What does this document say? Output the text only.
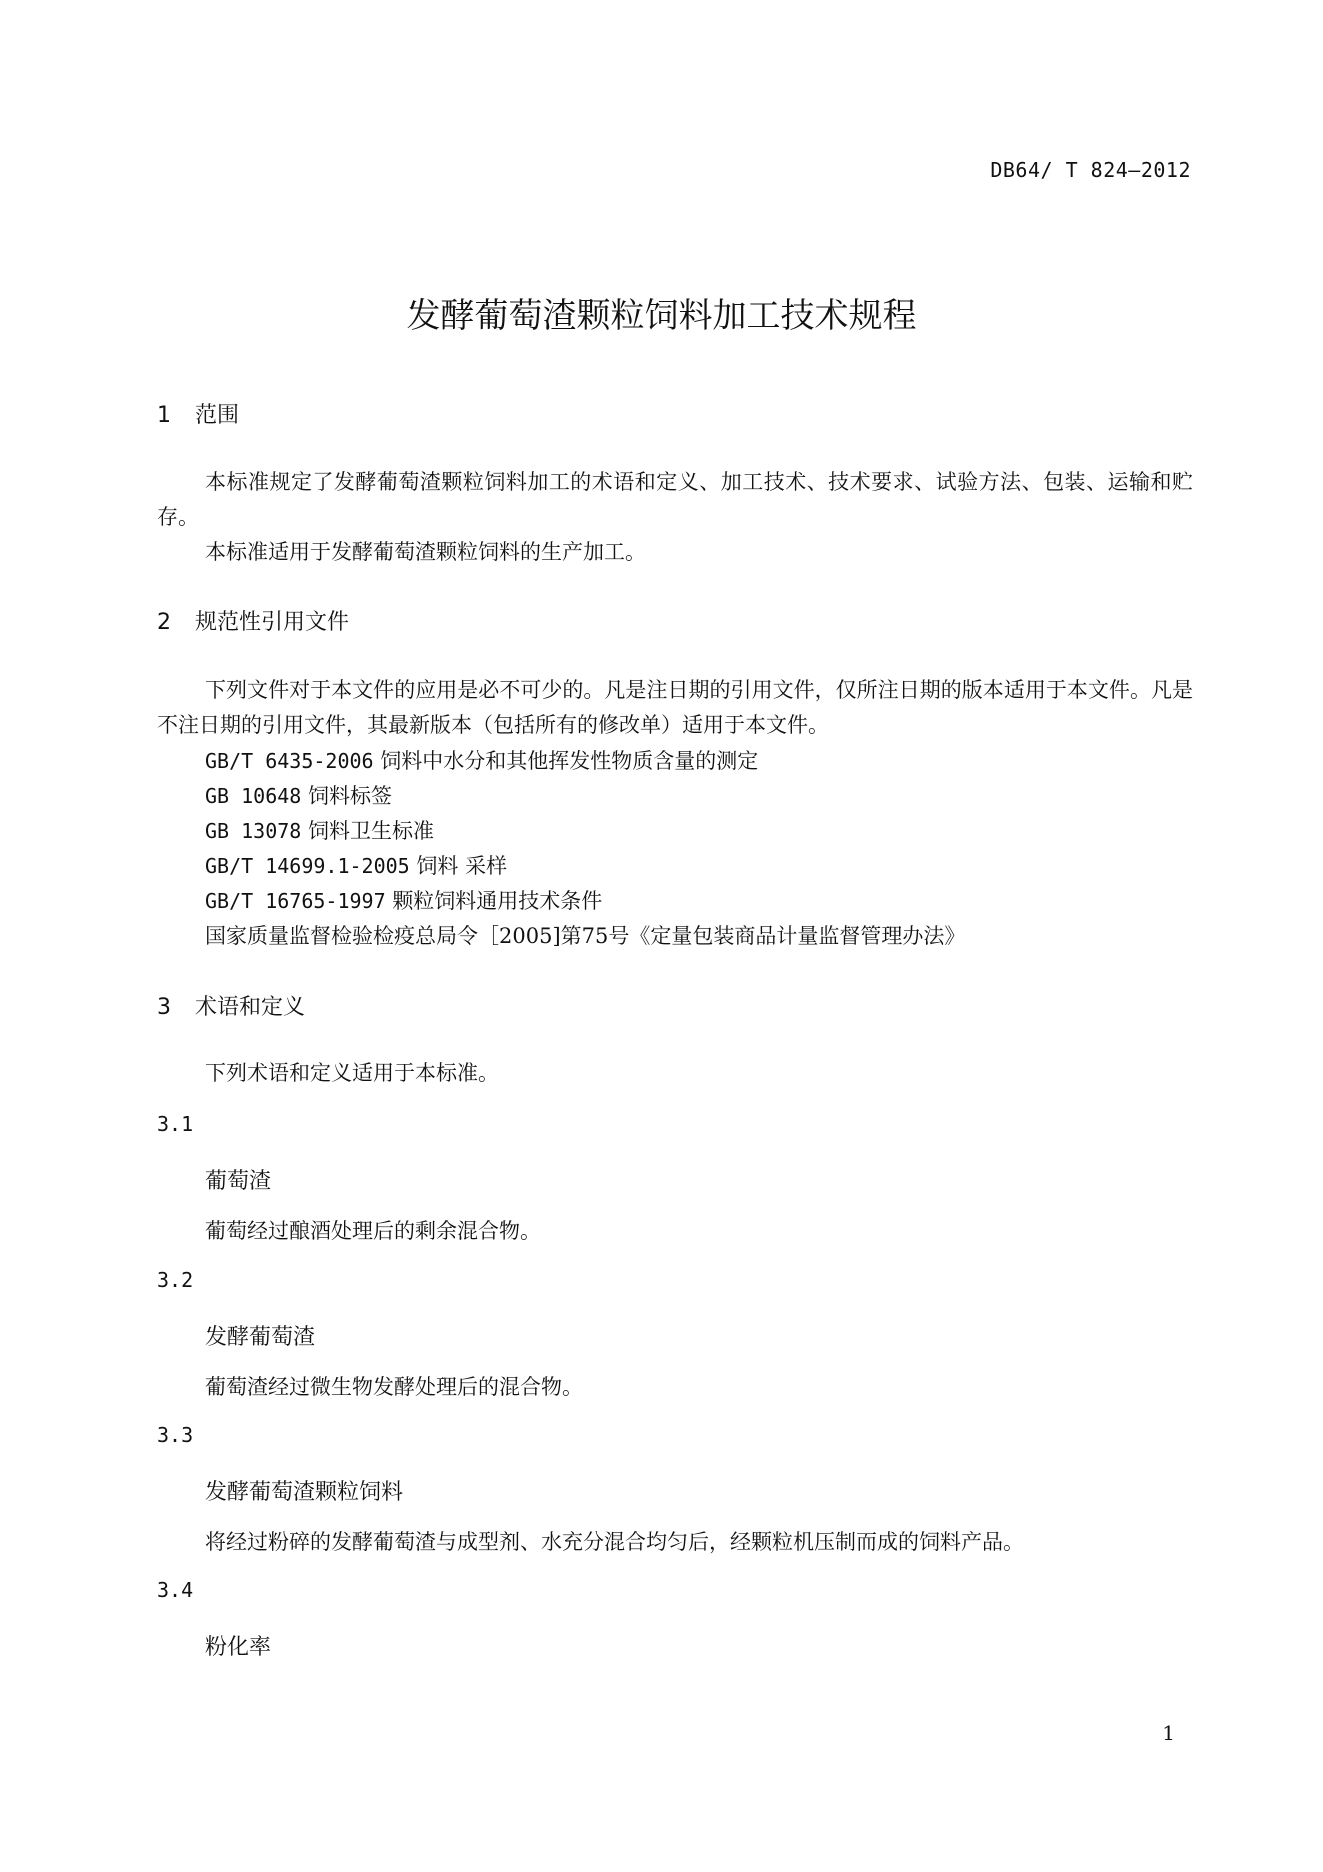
DB64/ T 824—2012
发酵葡萄渣颗粒饲料加工技术规程
1 范围
本标准规定了发酵葡萄渣颗粒饲料加工的术语和定义、加工技术、技术要求、试验方法、包装、运输和贮存。
本标准适用于发酵葡萄渣颗粒饲料的生产加工。
2 规范性引用文件
下列文件对于本文件的应用是必不可少的。凡是注日期的引用文件，仅所注日期的版本适用于本文件。凡是不注日期的引用文件，其最新版本（包括所有的修改单）适用于本文件。
GB/T 6435-2006 饲料中水分和其他挥发性物质含量的测定
GB 10648 饲料标签
GB 13078 饲料卫生标准
GB/T 14699.1-2005 饲料 采样
GB/T 16765-1997 颗粒饲料通用技术条件
国家质量监督检验检疫总局令［2005]第75号《定量包装商品计量监督管理办法》
3 术语和定义
下列术语和定义适用于本标准。
3.1
葡萄渣
葡萄经过酿酒处理后的剩余混合物。
3.2
发酵葡萄渣
葡萄渣经过微生物发酵处理后的混合物。
3.3
发酵葡萄渣颗粒饲料
将经过粉碎的发酵葡萄渣与成型剂、水充分混合均匀后，经颗粒机压制而成的饲料产品。
3.4
粉化率
1
